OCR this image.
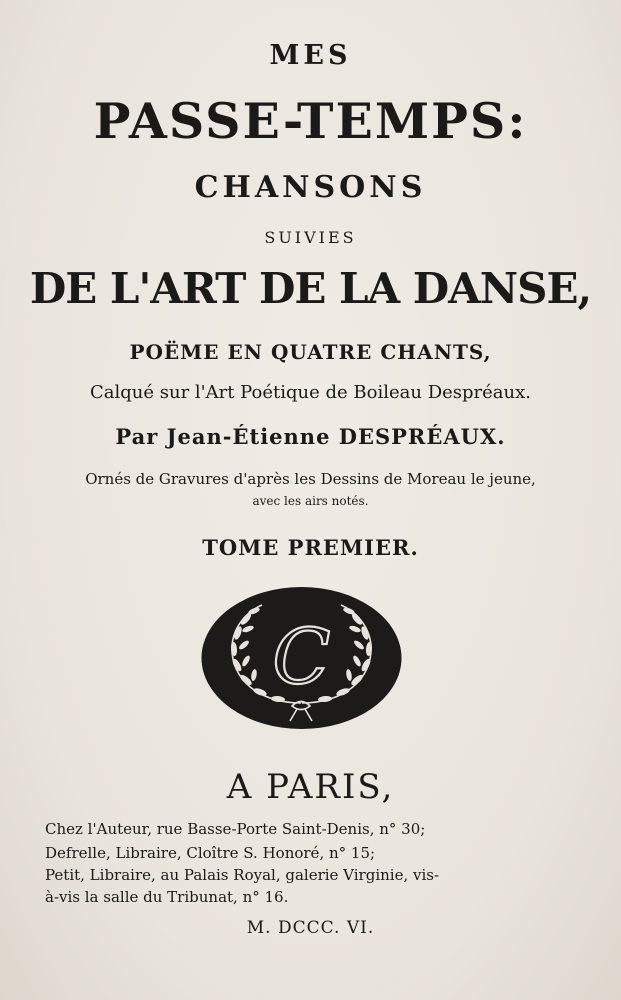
MES
PASSE-TEMPS:
CHANSONS
SUIVIES
DE L'ART DE LA DANSE,
POËME EN QUATRE CHANTS,
Calqué sur l'Art Poétique de Boileau Despréaux.
Par Jean-Étienne DESPRÉAUX.
Ornés de Gravures d'après les Dessins de Moreau le jeune,
avec les airs notés.
TOME PREMIER.
C
A PARIS,
Chez l'Auteur, rue Basse-Porte Saint-Denis, n° 30;
Defrelle, Libraire, Cloître S. Honoré, n° 15;
Petit, Libraire, au Palais Royal, galerie Virginie, vis-
à-vis la salle du Tribunat, n° 16.
M. DCCC. VI.
